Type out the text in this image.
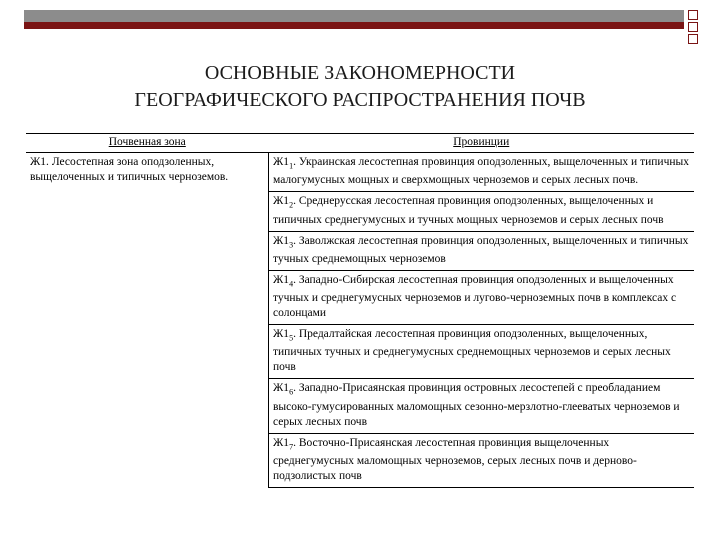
ОСНОВНЫЕ ЗАКОНОМЕРНОСТИ
ГЕОГРАФИЧЕСКОГО РАСПРОСТРАНЕНИЯ ПОЧВ
Почвенная зона	Провинции
Ж1. Лесостепная зона оподзоленных, выщелоченных и типичных черноземов.	$Ж1_1$. Украинская лесостепная провинция оподзоленных, выщелоченных и типичных малогумусных мощных и сверхмощных черноземов и серых лесных почв.
	$Ж1_2$. Среднерусская лесостепная провинция оподзоленных, выщелоченных и типичных среднегумусных и тучных мощных черноземов и серых лесных почв
	$Ж1_3$. Заволжская лесостепная провинция оподзоленных, выщелоченных и типичных тучных среднемощных черноземов
	$Ж1_4$. Западно-Сибирская лесостепная провинция оподзоленных и выщелоченных тучных и среднегумусных черноземов и лугово-черноземных почв в комплексах с солонцами
	$Ж1_5$. Предалтайская лесостепная провинция оподзоленных, выщелоченных, типичных тучных и среднегумусных среднемощных черноземов и серых лесных почв
	$Ж1_6$. Западно-Присаянская провинция островных лесостепей с преобладанием высоко-гумусированных маломощных сезонно-мерзлотно-глееватых черноземов и серых лесных почв
	$Ж1_7$. Восточно-Присаянская лесостепная провинция выщелоченных среднегумусных маломощных черноземов, серых лесных почв и дерново-подзолистых почв
